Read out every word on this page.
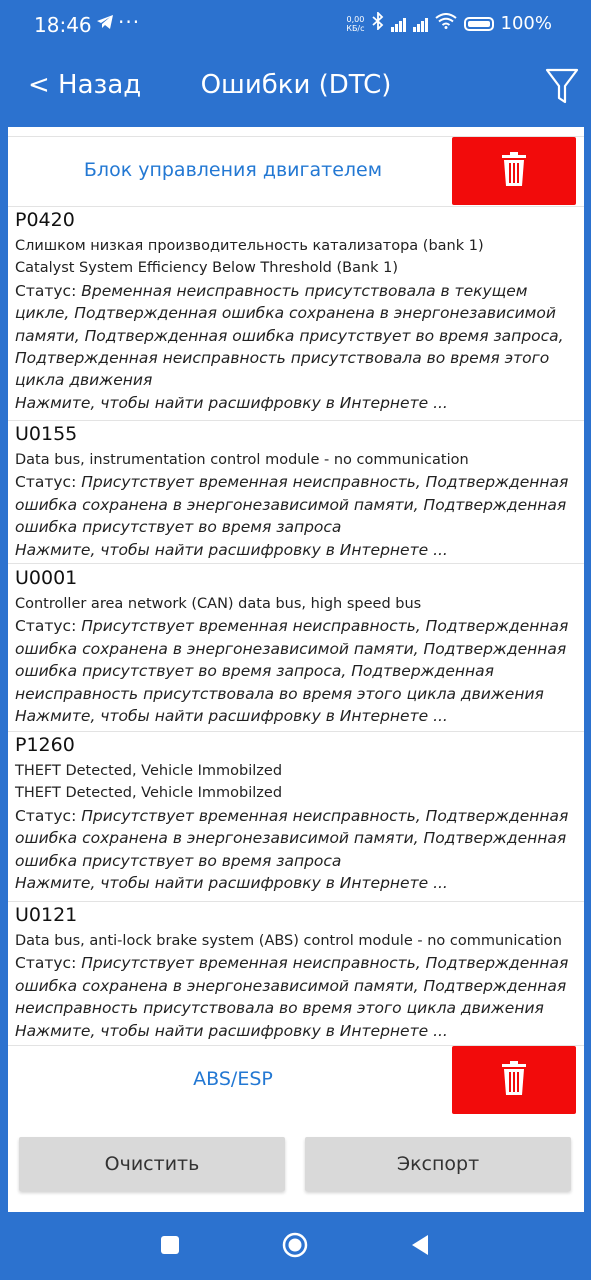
18:46 ···	0,00
КБ/с	100%
< Назад	Ошибки (DTC)
Блок управления двигателем
P0420
Слишком низкая производительность катализатора (bank 1)
Catalyst System Efficiency Below Threshold (Bank 1)
Статус: Временная неисправность присутствовала в текущем
цикле, Подтвержденная ошибка сохранена в энергонезависимой
памяти, Подтвержденная ошибка присутствует во время запроса,
Подтвержденная неисправность присутствовала во время этого
цикла движения
Нажмите, чтобы найти расшифровку в Интернете ...
U0155
Data bus, instrumentation control module - no communication
Статус: Присутствует временная неисправность, Подтвержденная
ошибка сохранена в энергонезависимой памяти, Подтвержденная
ошибка присутствует во время запроса
Нажмите, чтобы найти расшифровку в Интернете ...
U0001
Controller area network (CAN) data bus, high speed bus
Статус: Присутствует временная неисправность, Подтвержденная
ошибка сохранена в энергонезависимой памяти, Подтвержденная
ошибка присутствует во время запроса, Подтвержденная
неисправность присутствовала во время этого цикла движения
Нажмите, чтобы найти расшифровку в Интернете ...
P1260
THEFT Detected, Vehicle Immobilzed
THEFT Detected, Vehicle Immobilzed
Статус: Присутствует временная неисправность, Подтвержденная
ошибка сохранена в энергонезависимой памяти, Подтвержденная
ошибка присутствует во время запроса
Нажмите, чтобы найти расшифровку в Интернете ...
U0121
Data bus, anti-lock brake system (ABS) control module - no communication
Статус: Присутствует временная неисправность, Подтвержденная
ошибка сохранена в энергонезависимой памяти, Подтвержденная
неисправность присутствовала во время этого цикла движения
Нажмите, чтобы найти расшифровку в Интернете ...
ABS/ESP
Очистить	Экспорт
